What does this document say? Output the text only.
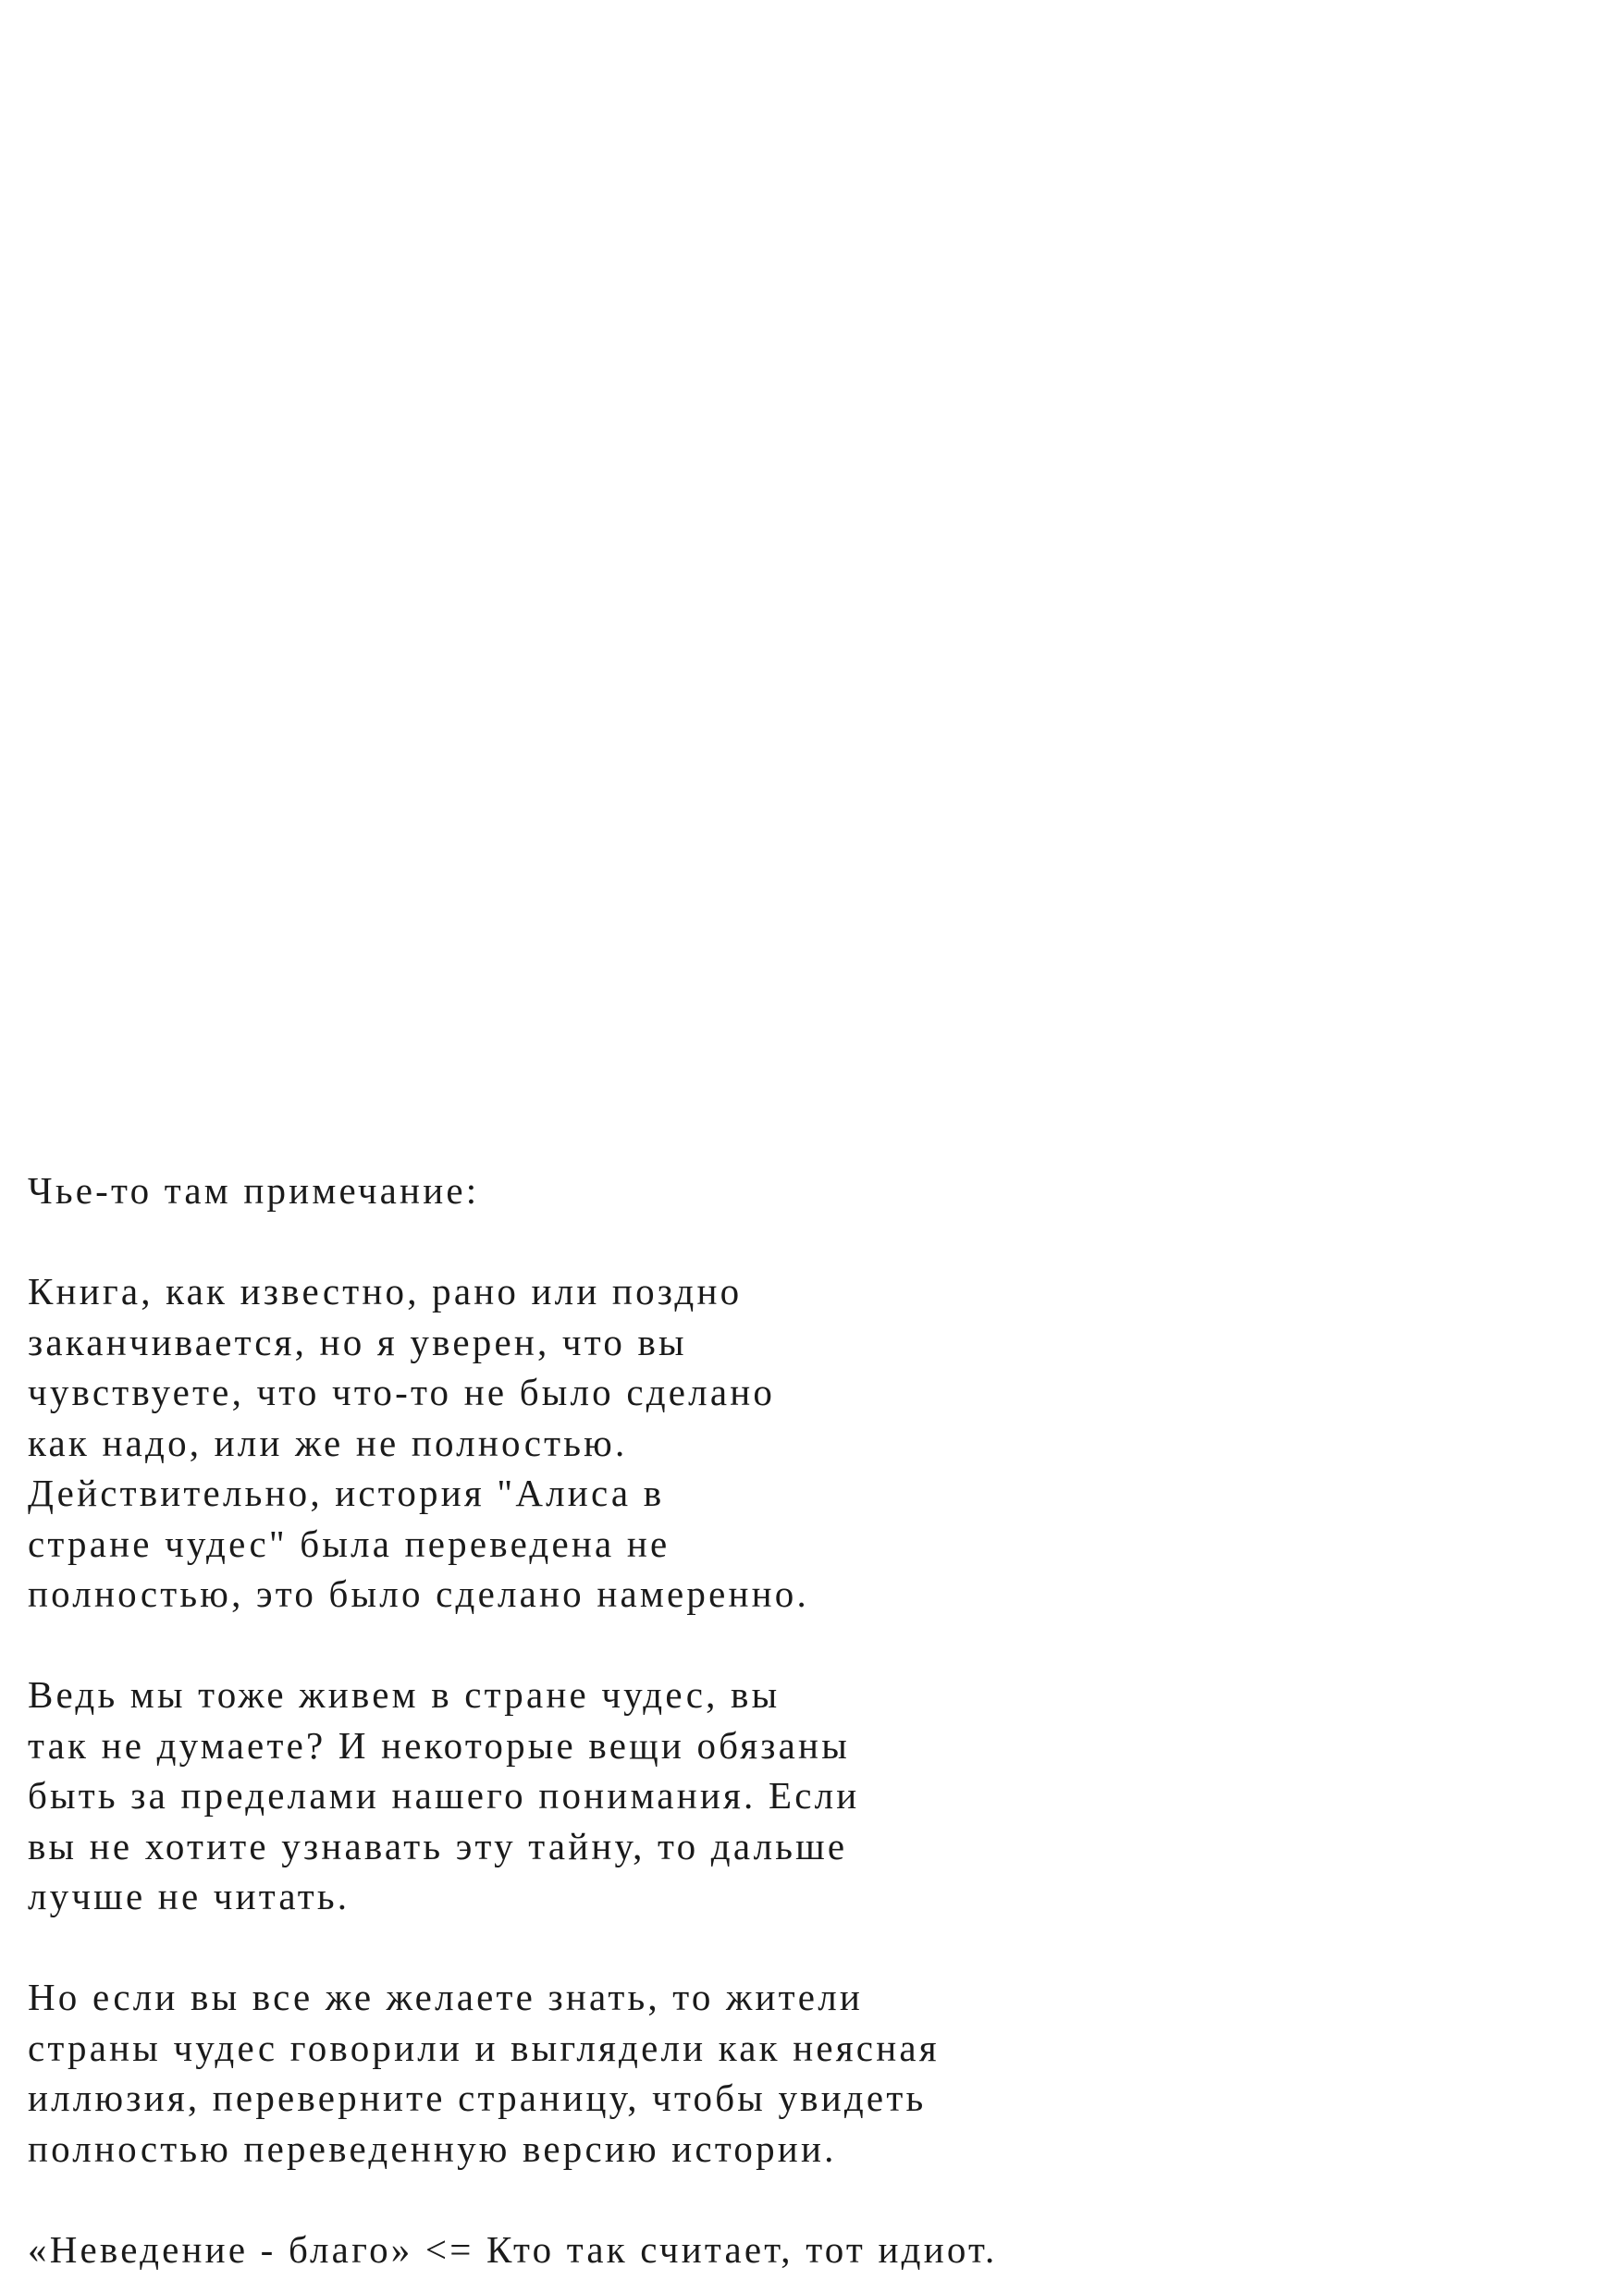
Чье-то там примечание:
Книга, как известно, рано или поздно
заканчивается, но я уверен, что вы
чувствуете, что что-то не было сделано
как надо, или же не полностью.
Действительно, история "Алиса в
стране чудес" была переведена не
полностью, это было сделано намеренно.
Ведь мы тоже живем в стране чудес, вы
так не думаете? И некоторые вещи обязаны
быть за пределами нашего понимания. Если
вы не хотите узнавать эту тайну, то дальше
лучше не читать.
Но если вы все же желаете знать, то жители
страны чудес говорили и выглядели как неясная
иллюзия, переверните страницу, чтобы увидеть
полностью переведенную версию истории.
«Неведение - благо» <= Кто так считает, тот идиот.
